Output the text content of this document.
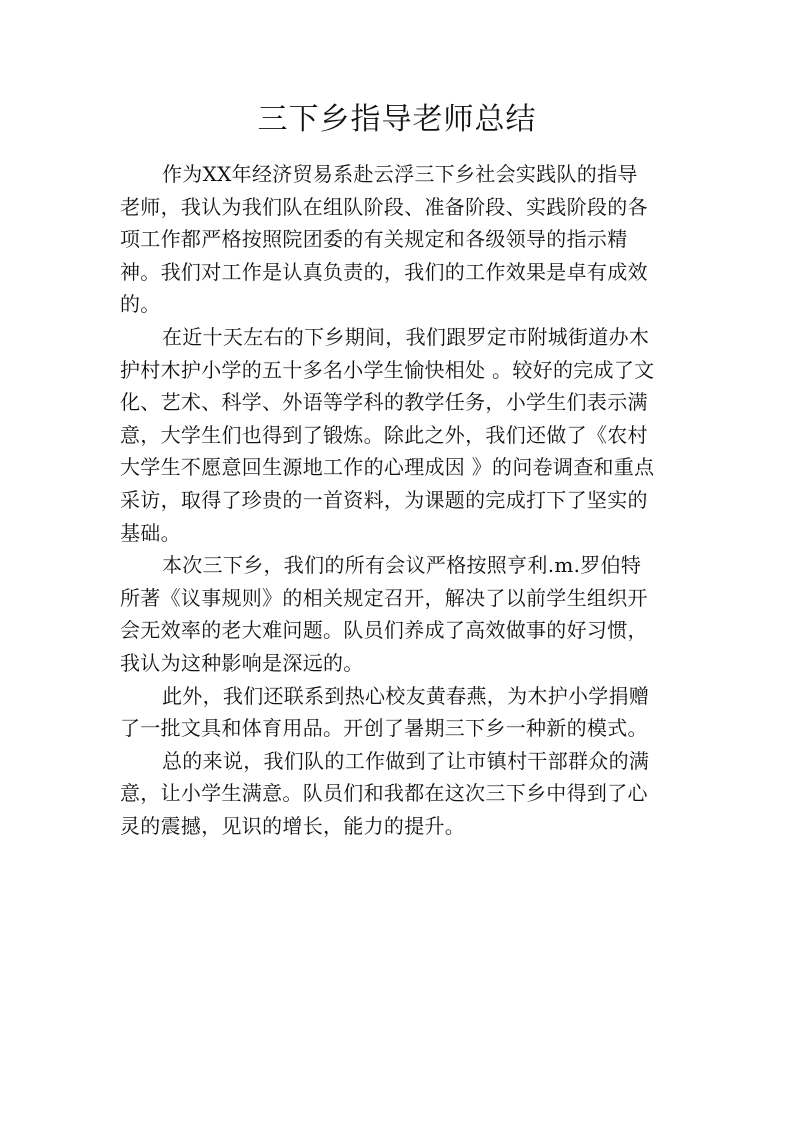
三下乡指导老师总结
作为XX年经济贸易系赴云浮三下乡社会实践队的指导
老师，我认为我们队在组队阶段、准备阶段、实践阶段的各
项工作都严格按照院团委的有关规定和各级领导的指示精
神。我们对工作是认真负责的，我们的工作效果是卓有成效
的。
在近十天左右的下乡期间，我们跟罗定市附城街道办木
护村木护小学的五十多名小学生愉快相处 。较好的完成了文
化、艺术、科学、外语等学科的教学任务，小学生们表示满
意，大学生们也得到了锻炼。除此之外，我们还做了《农村
大学生不愿意回生源地工作的心理成因 》的问卷调查和重点
采访，取得了珍贵的一首资料，为课题的完成打下了坚实的
基础。
本次三下乡，我们的所有会议严格按照亨利.m.罗伯特
所著《议事规则》的相关规定召开，解决了以前学生组织开
会无效率的老大难问题。队员们养成了高效做事的好习惯，
我认为这种影响是深远的。
此外，我们还联系到热心校友黄春燕，为木护小学捐赠
了一批文具和体育用品。开创了暑期三下乡一种新的模式。
总的来说，我们队的工作做到了让市镇村干部群众的满
意，让小学生满意。队员们和我都在这次三下乡中得到了心
灵的震撼，见识的增长，能力的提升。
